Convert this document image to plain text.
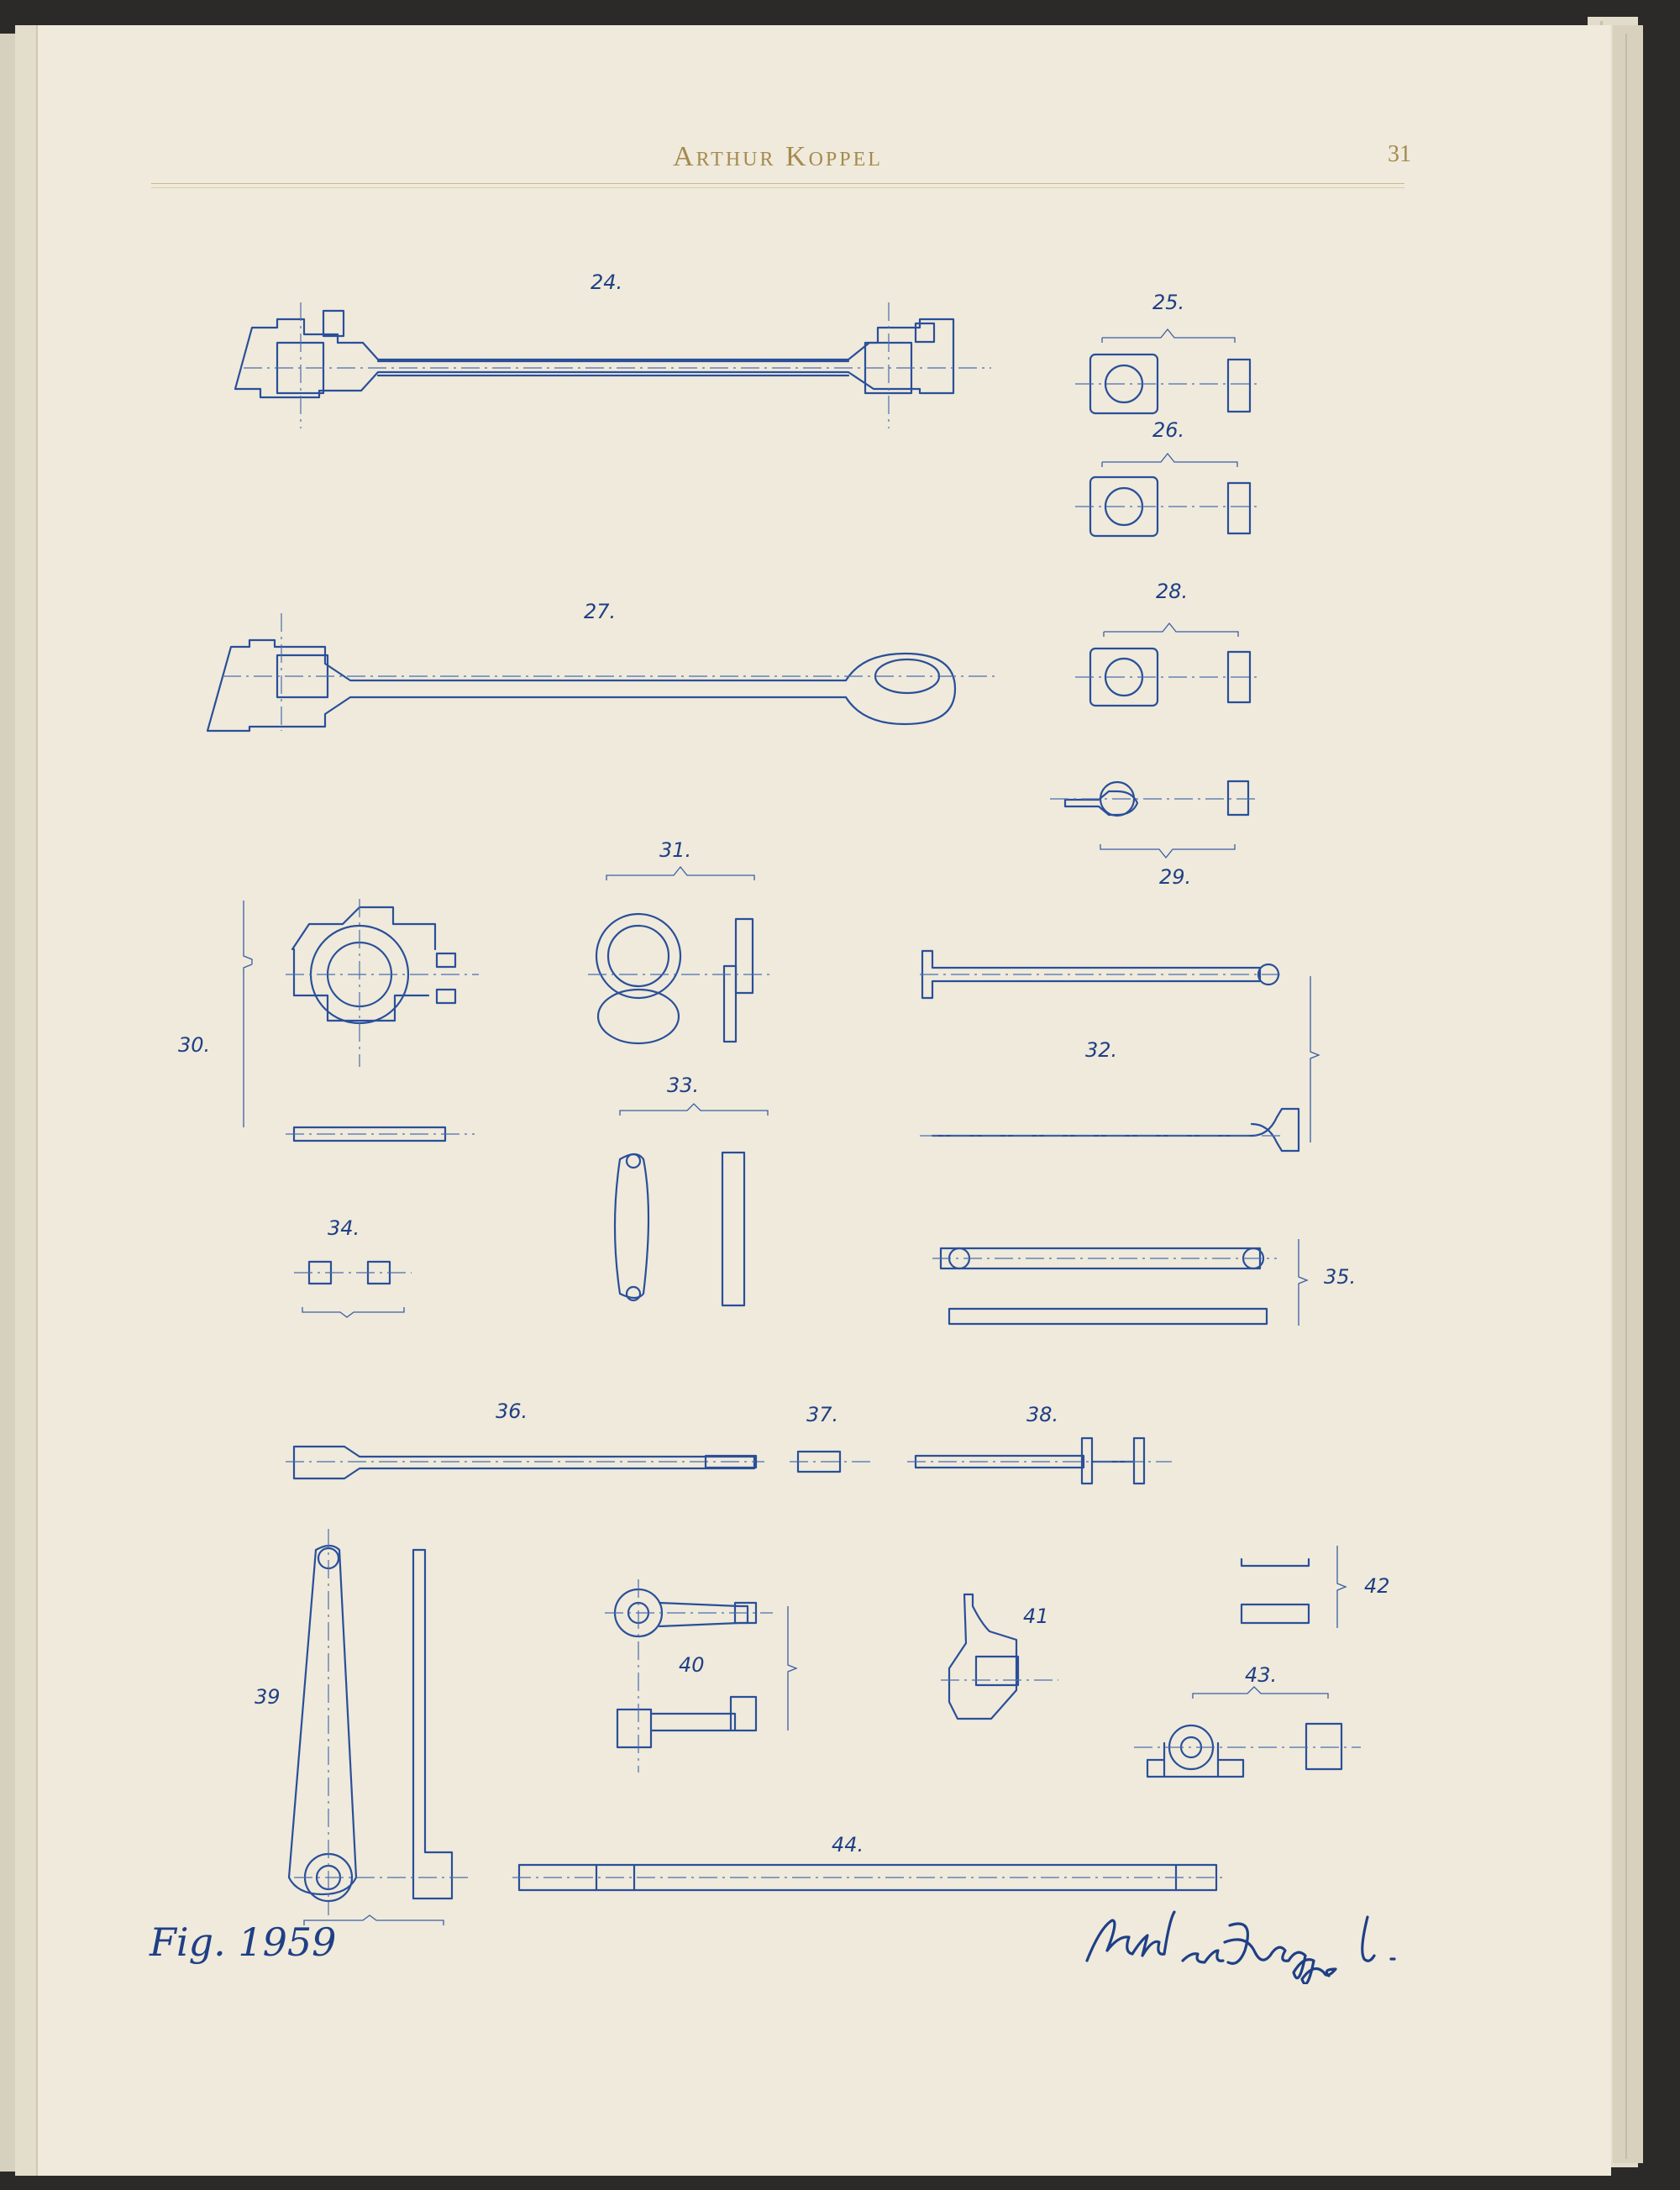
Arthur Koppel	31
24.
25.
26.
27.
28.
29.
30.
31.
32.
33.
34.
35.
36.	37.	38.
39
40
41
42
43.
44.
Fig. 1959
